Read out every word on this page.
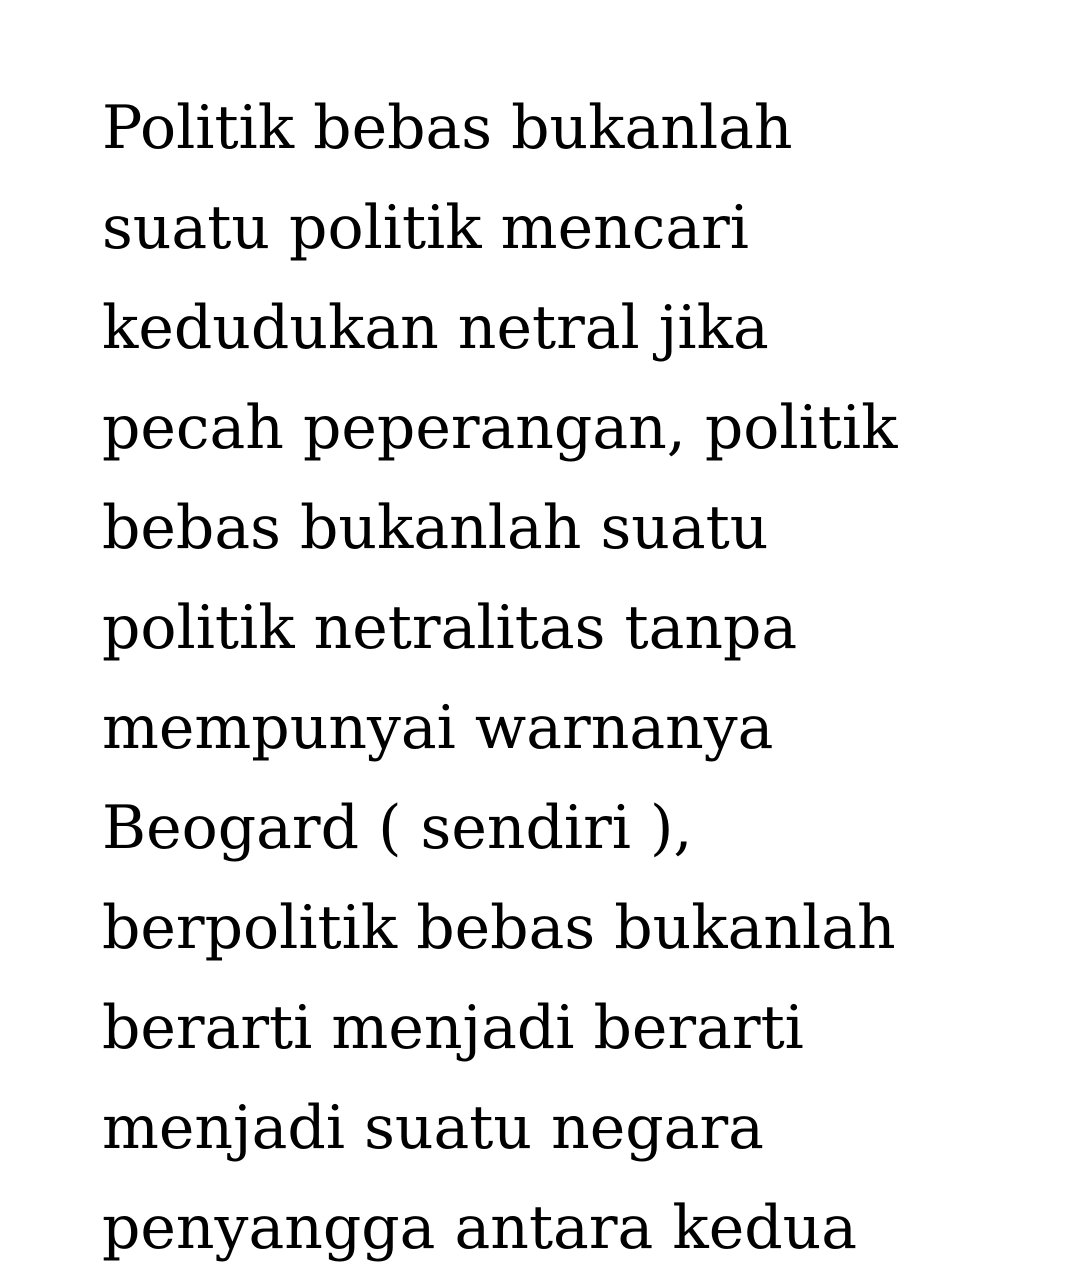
Politik bebas bukanlah
suatu politik mencari
kedudukan netral jika
pecah peperangan, politik
bebas bukanlah suatu
politik netralitas tanpa
mempunyai warnanya
Beogard ( sendiri ),
berpolitik bebas bukanlah
berarti menjadi berarti
menjadi suatu negara
penyangga antara kedua
